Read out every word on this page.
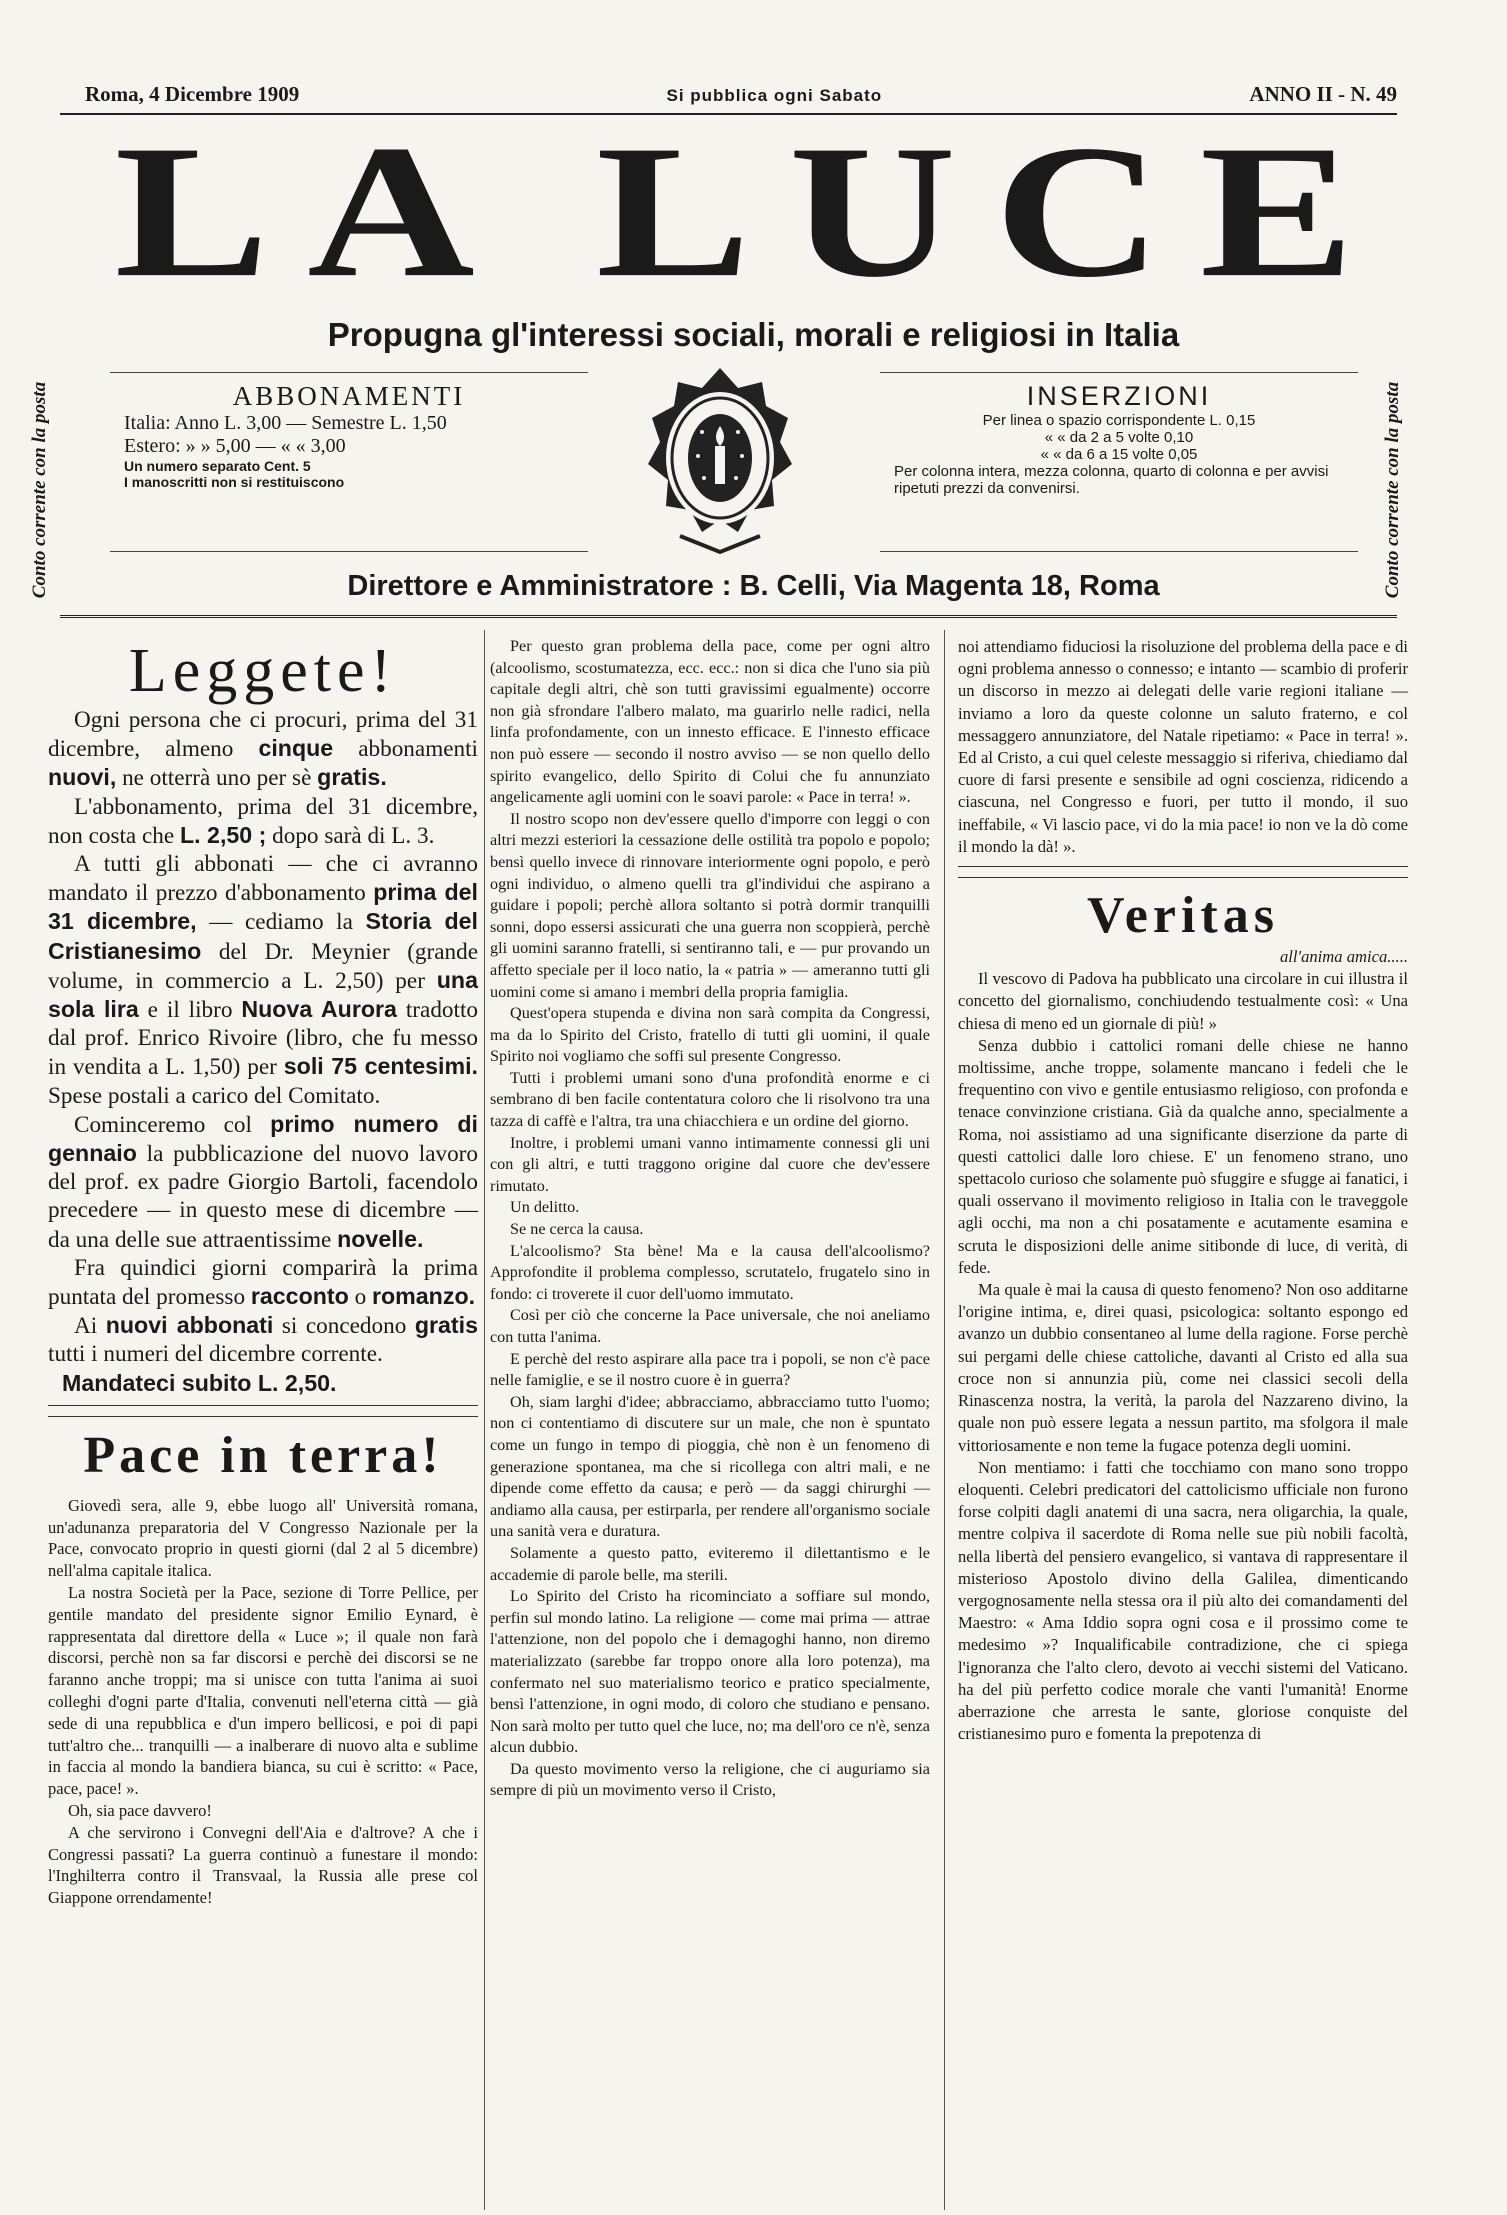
Roma, 4 Dicembre 1909	Si pubblica ogni Sabato	ANNO II - N. 49
LA LUCE
Propugna gl'interessi sociali, morali e religiosi in Italia
Conto corrente con la posta	Conto corrente con la posta
ABBONAMENTI
Italia: Anno L. 3,00 — Semestre L. 1,50
Estero: » » 5,00 — « « 3,00
Un numero separato Cent. 5
I manoscritti non si restituiscono
INSERZIONI
Per linea o spazio corrispondente L. 0,15
« « da 2 a 5 volte 0,10
« « da 6 a 15 volte 0,05
Per colonna intera, mezza colonna, quarto di colonna e per avvisi ripetuti prezzi da convenirsi.
Direttore e Amministratore : B. Celli, Via Magenta 18, Roma
Leggete!

Ogni persona che ci procuri, prima del 31 dicembre, almeno cinque abbonamenti nuovi, ne otterrà uno per sè gratis.

L'abbonamento, prima del 31 dicembre, non costa che L. 2,50 ; dopo sarà di L. 3.

A tutti gli abbonati — che ci avranno mandato il prezzo d'abbonamento prima del 31 dicembre, — cediamo la Storia del Cristianesimo del Dr. Meynier (grande volume, in commercio a L. 2,50) per una sola lira e il libro Nuova Aurora tradotto dal prof. Enrico Rivoire (libro, che fu messo in vendita a L. 1,50) per soli 75 centesimi. Spese postali a carico del Comitato.

Cominceremo col primo numero di gennaio la pubblicazione del nuovo lavoro del prof. ex padre Giorgio Bartoli, facendolo precedere — in questo mese di dicembre — da una delle sue attraentissime novelle.

Fra quindici giorni comparirà la prima puntata del promesso racconto o romanzo.

Ai nuovi abbonati si concedono gratis tutti i numeri del dicembre corrente.

Mandateci subito L. 2,50.

Pace in terra!

Giovedì sera, alle 9, ebbe luogo all' Università romana, un'adunanza preparatoria del V Congresso Nazionale per la Pace, convocato proprio in questi giorni (dal 2 al 5 dicembre) nell'alma capitale italica.

La nostra Società per la Pace, sezione di Torre Pellice, per gentile mandato del presidente signor Emilio Eynard, è rappresentata dal direttore della « Luce »; il quale non farà discorsi, perchè non sa far discorsi e perchè dei discorsi se ne faranno anche troppi; ma si unisce con tutta l'anima ai suoi colleghi d'ogni parte d'Italia, convenuti nell'eterna città — già sede di una repubblica e d'un impero bellicosi, e poi di papi tutt'altro che... tranquilli — a inalberare di nuovo alta e sublime in faccia al mondo la bandiera bianca, su cui è scritto: « Pace, pace, pace! ».

Oh, sia pace davvero!

A che servirono i Convegni dell'Aia e d'altrove? A che i Congressi passati? La guerra continuò a funestare il mondo: l'Inghilterra contro il Transvaal, la Russia alle prese col Giappone orrendamente!

Per questo gran problema della pace, come per ogni altro (alcoolismo, scostumatezza, ecc. ecc.: non si dica che l'uno sia più capitale degli altri, chè son tutti gravissimi egualmente) occorre non già sfrondare l'albero malato, ma guarirlo nelle radici, nella linfa profondamente, con un innesto efficace. E l'innesto efficace non può essere — secondo il nostro avviso — se non quello dello spirito evangelico, dello Spirito di Colui che fu annunziato angelicamente agli uomini con le soavi parole: « Pace in terra! ».

Il nostro scopo non dev'essere quello d'imporre con leggi o con altri mezzi esteriori la cessazione delle ostilità tra popolo e popolo; bensì quello invece di rinnovare interiormente ogni popolo, e però ogni individuo, o almeno quelli tra gl'individui che aspirano a guidare i popoli; perchè allora soltanto si potrà dormir tranquilli sonni, dopo essersi assicurati che una guerra non scoppierà, perchè gli uomini saranno fratelli, si sentiranno tali, e — pur provando un affetto speciale per il loco natio, la « patria » — ameranno tutti gli uomini come si amano i membri della propria famiglia.

Quest'opera stupenda e divina non sarà compita da Congressi, ma da lo Spirito del Cristo, fratello di tutti gli uomini, il quale Spirito noi vogliamo che soffi sul presente Congresso.

Tutti i problemi umani sono d'una profondità enorme e ci sembrano di ben facile contentatura coloro che li risolvono tra una tazza di caffè e l'altra, tra una chiacchiera e un ordine del giorno.

Inoltre, i problemi umani vanno intimamente connessi gli uni con gli altri, e tutti traggono origine dal cuore che dev'essere rimutato.

Un delitto.

Se ne cerca la causa.

L'alcoolismo? Sta bène! Ma e la causa dell'alcoolismo? Approfondite il problema complesso, scrutatelo, frugatelo sino in fondo: ci troverete il cuor dell'uomo immutato.

Così per ciò che concerne la Pace universale, che noi aneliamo con tutta l'anima.

E perchè del resto aspirare alla pace tra i popoli, se non c'è pace nelle famiglie, e se il nostro cuore è in guerra?

Oh, siam larghi d'idee; abbracciamo, abbracciamo tutto l'uomo; non ci contentiamo di discutere sur un male, che non è spuntato come un fungo in tempo di pioggia, chè non è un fenomeno di generazione spontanea, ma che si ricollega con altri mali, e ne dipende come effetto da causa; e però — da saggi chirurghi — andiamo alla causa, per estirparla, per rendere all'organismo sociale una sanità vera e duratura.

Solamente a questo patto, eviteremo il dilettantismo e le accademie di parole belle, ma sterili.

Lo Spirito del Cristo ha ricominciato a soffiare sul mondo, perfin sul mondo latino. La religione — come mai prima — attrae l'attenzione, non del popolo che i demagoghi hanno, non diremo materializzato (sarebbe far troppo onore alla loro potenza), ma confermato nel suo materialismo teorico e pratico specialmente, bensì l'attenzione, in ogni modo, di coloro che studiano e pensano. Non sarà molto per tutto quel che luce, no; ma dell'oro ce n'è, senza alcun dubbio.

Da questo movimento verso la religione, che ci auguriamo sia sempre di più un movimento verso il Cristo,

noi attendiamo fiduciosi la risoluzione del problema della pace e di ogni problema annesso o connesso; e intanto — scambio di proferir un discorso in mezzo ai delegati delle varie regioni italiane — inviamo a loro da queste colonne un saluto fraterno, e col messaggero annunziatore, del Natale ripetiamo: « Pace in terra! ». Ed al Cristo, a cui quel celeste messaggio si riferiva, chiediamo dal cuore di farsi presente e sensibile ad ogni coscienza, ridicendo a ciascuna, nel Congresso e fuori, per tutto il mondo, il suo ineffabile, « Vi lascio pace, vi do la mia pace! io non ve la dò come il mondo la dà! ».

Veritas

all'anima amica.....

Il vescovo di Padova ha pubblicato una circolare in cui illustra il concetto del giornalismo, conchiudendo testualmente così: « Una chiesa di meno ed un giornale di più! »

Senza dubbio i cattolici romani delle chiese ne hanno moltissime, anche troppe, solamente mancano i fedeli che le frequentino con vivo e gentile entusiasmo religioso, con profonda e tenace convinzione cristiana. Già da qualche anno, specialmente a Roma, noi assistiamo ad una significante diserzione da parte di questi cattolici dalle loro chiese. E' un fenomeno strano, uno spettacolo curioso che solamente può sfuggire e sfugge ai fanatici, i quali osservano il movimento religioso in Italia con le traveggole agli occhi, ma non a chi posatamente e acutamente esamina e scruta le disposizioni delle anime sitibonde di luce, di verità, di fede.

Ma quale è mai la causa di questo fenomeno? Non oso additarne l'origine intima, e, direi quasi, psicologica: soltanto espongo ed avanzo un dubbio consentaneo al lume della ragione. Forse perchè sui pergami delle chiese cattoliche, davanti al Cristo ed alla sua croce non si annunzia più, come nei classici secoli della Rinascenza nostra, la verità, la parola del Nazzareno divino, la quale non può essere legata a nessun partito, ma sfolgora il male vittoriosamente e non teme la fugace potenza degli uomini.

Non mentiamo: i fatti che tocchiamo con mano sono troppo eloquenti. Celebri predicatori del cattolicismo ufficiale non furono forse colpiti dagli anatemi di una sacra, nera oligarchia, la quale, mentre colpiva il sacerdote di Roma nelle sue più nobili facoltà, nella libertà del pensiero evangelico, si vantava di rappresentare il misterioso Apostolo divino della Galilea, dimenticando vergognosamente nella stessa ora il più alto dei comandamenti del Maestro: « Ama Iddio sopra ogni cosa e il prossimo come te medesimo »? Inqualificabile contradizione, che ci spiega l'ignoranza che l'alto clero, devoto ai vecchi sistemi del Vaticano. ha del più perfetto codice morale che vanti l'umanità! Enorme aberrazione che arresta le sante, gloriose conquiste del cristianesimo puro e fomenta la prepotenza di
